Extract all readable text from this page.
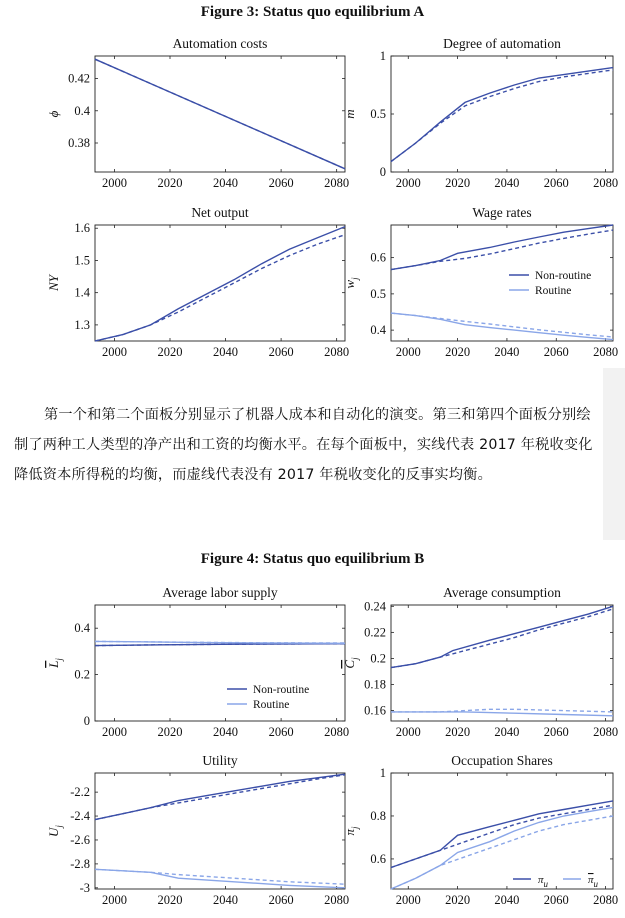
Figure 3: Status quo equilibrium A
Figure 4: Status quo equilibrium B
第一个和第二个面板分别显示了机器人成本和自动化的演变。第三和第四个面板分别绘制了两种工人类型的净产出和工资的均衡水平。在每个面板中，实线代表 2017 年税收变化降低资本所得税的均衡，而虚线代表没有 2017 年税收变化的反事实均衡。
Automation costs
ϕ
2000 2020 2040 2060 2080
0.38
0.4
0.42
Degree of automation
m
2000 2020 2040 2060 2080
0
0.5
1
Net output
NY
2000 2020 2040 2060 2080
1.3
1.4
1.5
1.6
Wage rates
$w_j$
2000 2020 2040 2060 2080
0.4
0.5
0.6
Non-routine
Routine
Average labor supply
$L_j$
2000 2020 2040 2060 2080
0
0.2
0.4
Non-routine
Routine
Average consumption
$C_j$
2000 2020 2040 2060 2080
0.16
0.18
0.2
0.22
0.24
Utility
$U_j$
2000 2020 2040 2060 2080
-3
-2.8
-2.6
-2.4
-2.2
Occupation Shares
$\pi_j$
2000 2020 2040 2060 2080
0.6
0.8
1
$\pi_u$	$\pi_u$
